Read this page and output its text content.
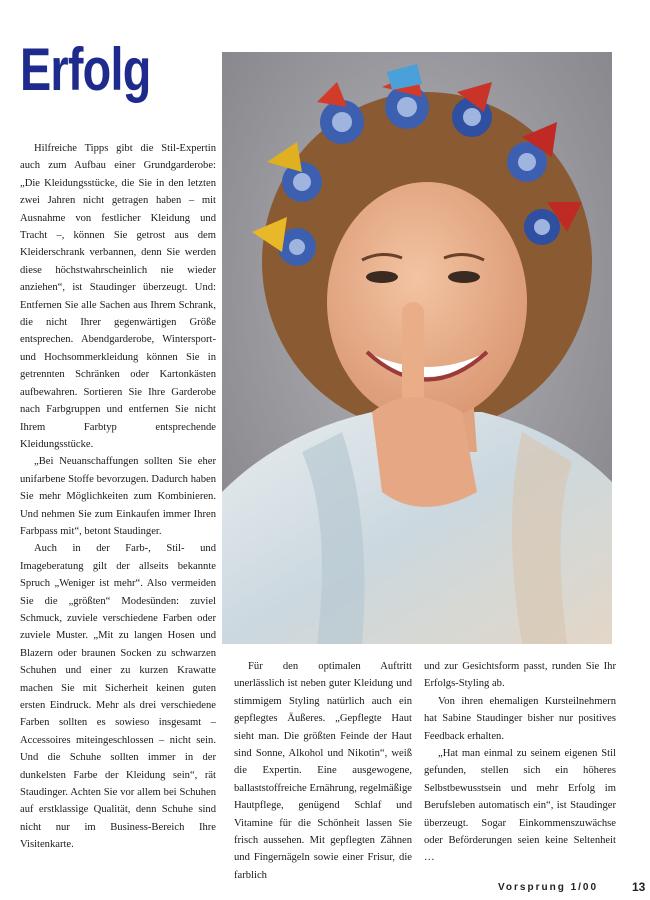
Erfolg

Hilfreiche Tipps gibt die Stil-Expertin auch zum Aufbau einer Grundgarderobe: „Die Kleidungsstücke, die Sie in den letzten zwei Jahren nicht getragen haben – mit Ausnahme von festlicher Kleidung und Tracht –, können Sie getrost aus dem Kleiderschrank verbannen, denn Sie werden diese höchstwahrscheinlich nie wieder anziehen“, ist Staudinger überzeugt. Und: Entfernen Sie alle Sachen aus Ihrem Schrank, die nicht Ihrer gegenwärtigen Größe entsprechen. Abendgarderobe, Wintersport- und Hochsommerkleidung können Sie in getrennten Schränken oder Kartonkästen aufbewahren. Sortieren Sie Ihre Garderobe nach Farbgruppen und entfernen Sie nicht Ihrem Farbtyp entsprechende Kleidungsstücke.

„Bei Neuanschaffungen sollten Sie eher unifarbene Stoffe bevorzugen. Dadurch haben Sie mehr Möglichkeiten zum Kombinieren. Und nehmen Sie zum Einkaufen immer Ihren Farbpass mit“, betont Staudinger.

Auch in der Farb-, Stil- und Imageberatung gilt der allseits bekannte Spruch „Weniger ist mehr“. Also vermeiden Sie die „größten“ Modesünden: zuviel Schmuck, zuviele verschiedene Farben oder zuviele Muster. „Mit zu langen Hosen und Blazern oder braunen Socken zu schwarzen Schuhen und einer zu kurzen Krawatte machen Sie mit Sicherheit keinen guten ersten Eindruck. Mehr als drei verschiedene Farben sollten es sowieso insgesamt – Accessoires miteingeschlossen – nicht sein. Und die Schuhe sollten immer in der dunkelsten Farbe der Kleidung sein“, rät Staudinger. Achten Sie vor allem bei Schuhen auf erstklassige Qualität, denn Schuhe sind nicht nur im Business-Bereich Ihre Visitenkarte.

Für den optimalen Auftritt unerlässlich ist neben guter Kleidung und stimmigem Styling natürlich auch ein gepflegtes Äußeres. „Gepflegte Haut sieht man. Die größten Feinde der Haut sind Sonne, Alkohol und Nikotin“, weiß die Expertin. Eine ausgewogene, ballaststoffreiche Ernährung, regelmäßige Hautpflege, genügend Schlaf und Vitamine für die Schönheit lassen Sie frisch aussehen. Mit gepflegten Zähnen und Fingernägeln sowie einer Frisur, die farblich

und zur Gesichtsform passt, runden Sie Ihr Erfolgs-Styling ab.

Von ihren ehemaligen Kursteilnehmern hat Sabine Staudinger bisher nur positives Feedback erhalten.

„Hat man einmal zu seinem eigenen Stil gefunden, stellen sich ein höheres Selbstbewusstsein und mehr Erfolg im Berufsleben automatisch ein“, ist Staudinger überzeugt. Sogar Einkommenszuwächse oder Beförderungen seien keine Seltenheit …

Vorsprung 1/00	13
